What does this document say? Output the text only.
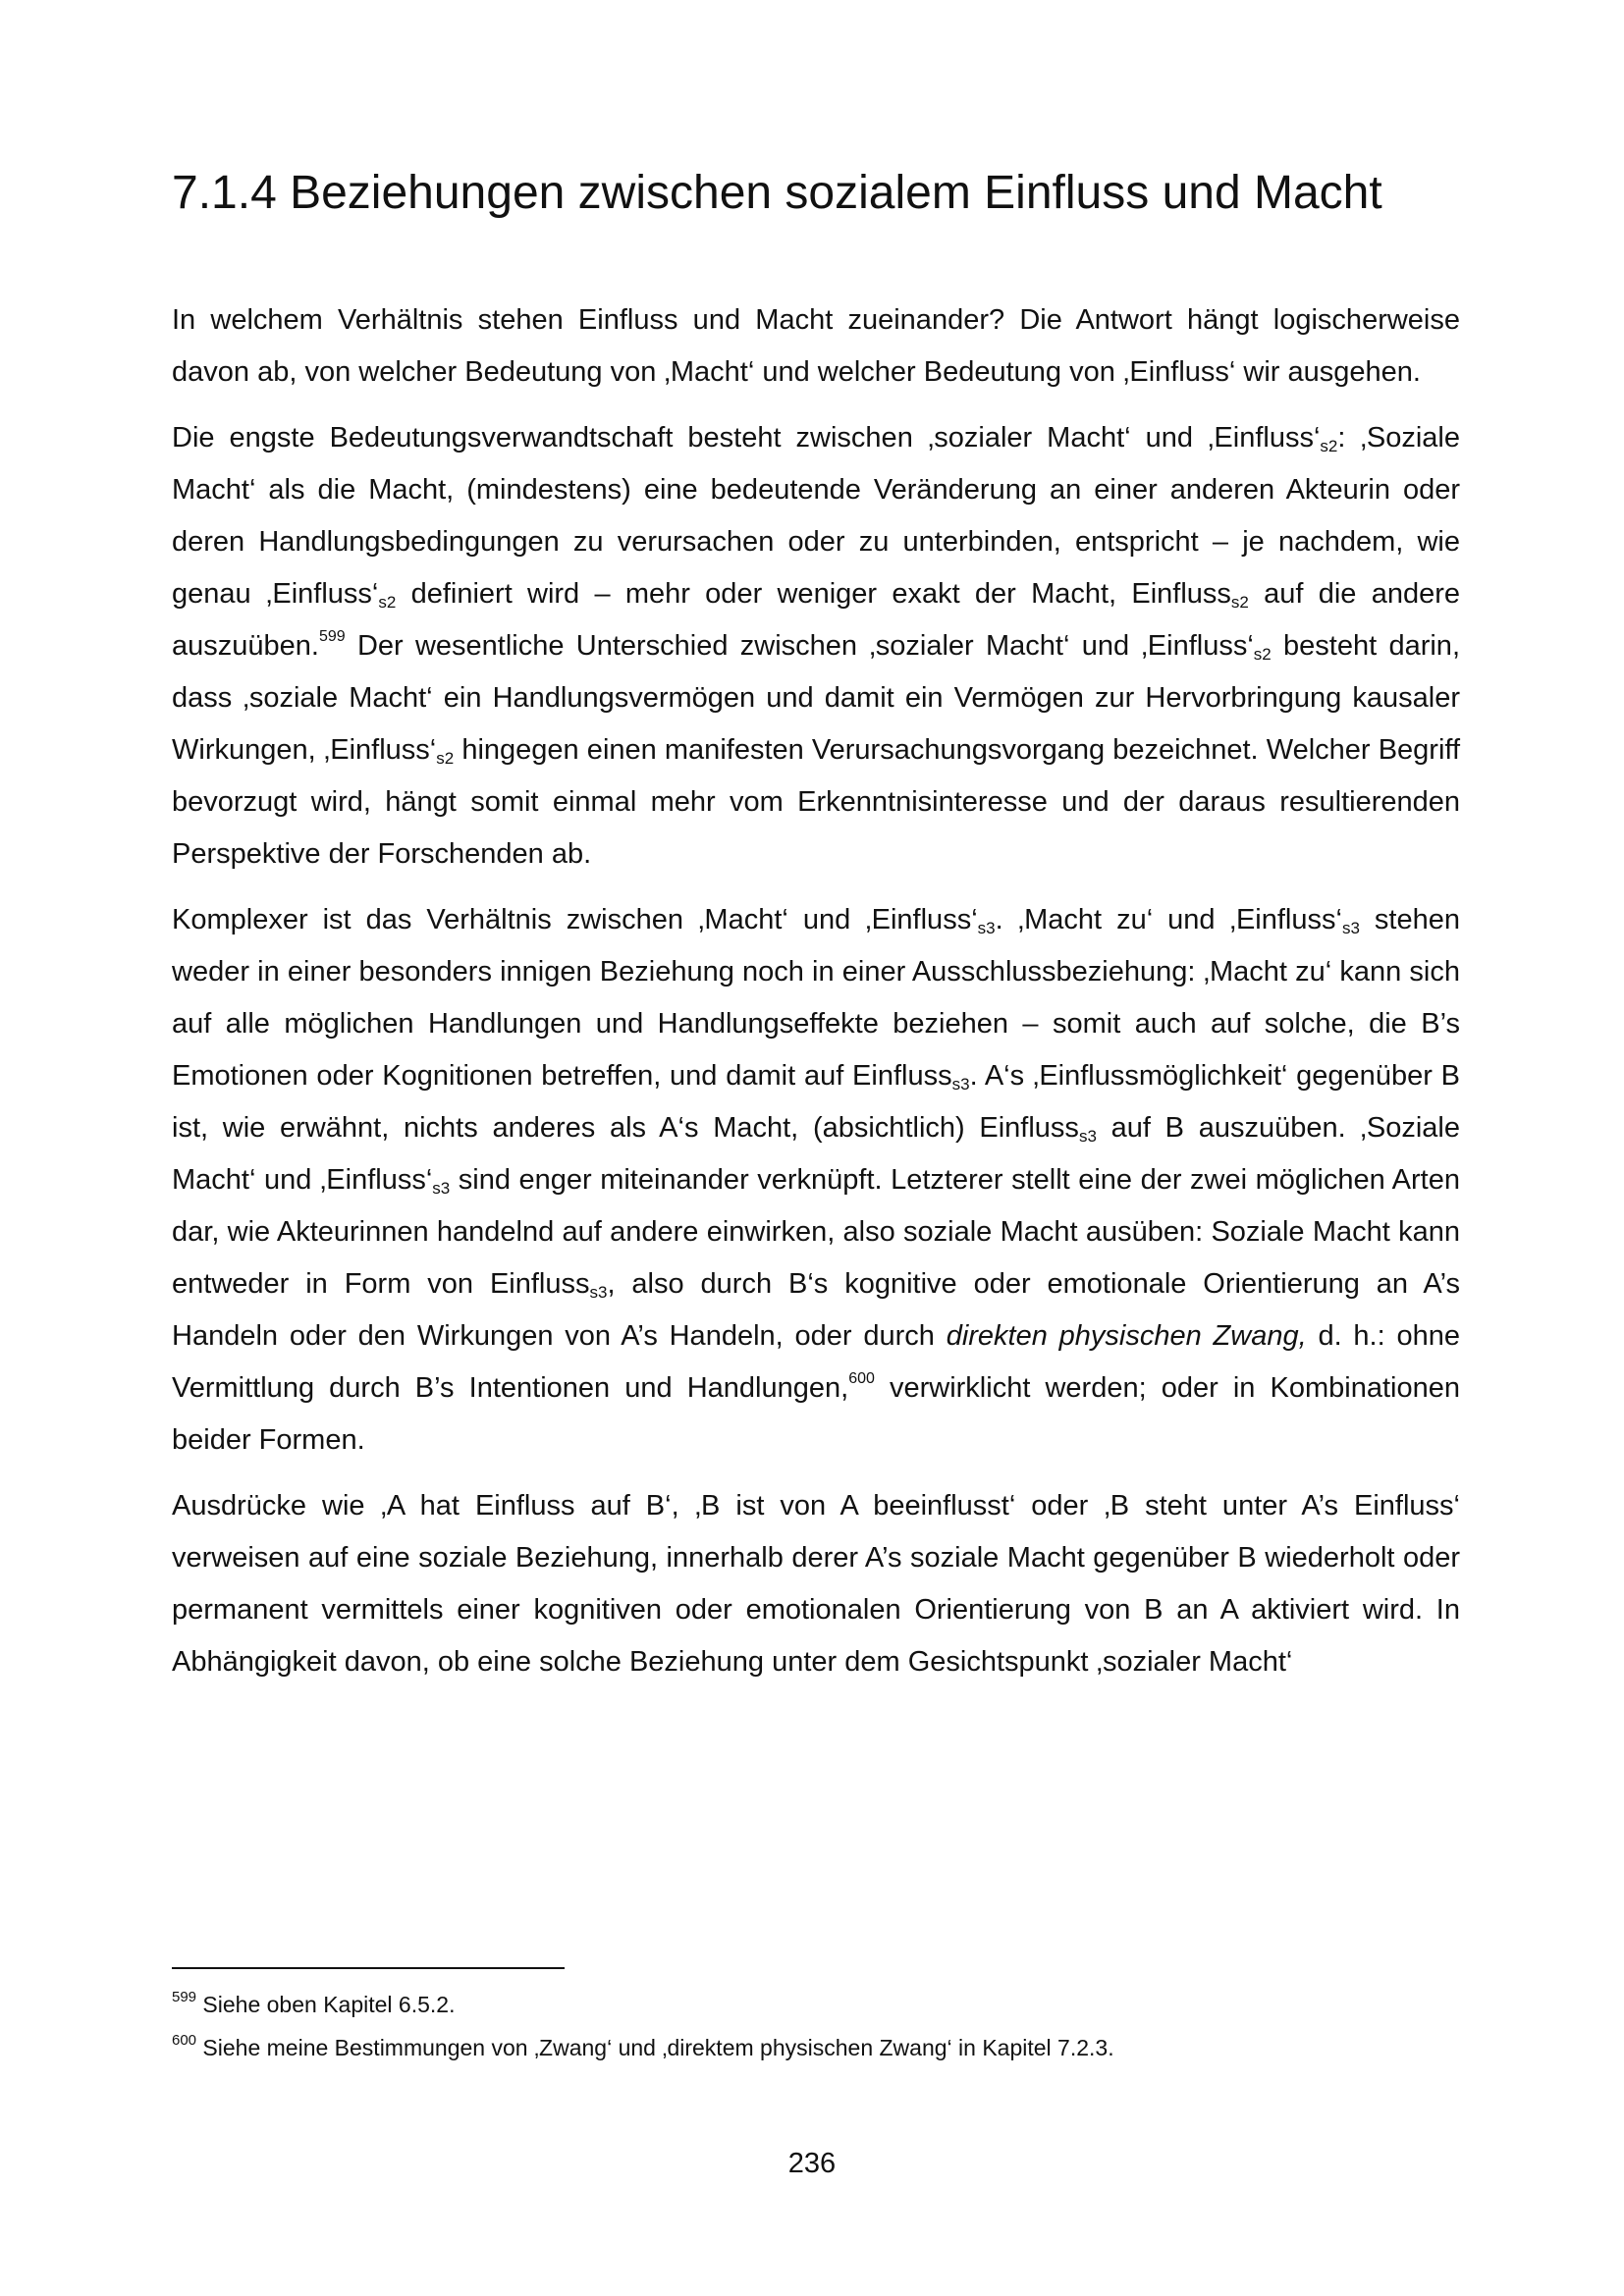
7.1.4 Beziehungen zwischen sozialem Einfluss und Macht

In welchem Verhältnis stehen Einfluss und Macht zueinander? Die Antwort hängt logischerweise davon ab, von welcher Bedeutung von ‚Macht‘ und welcher Bedeutung von ‚Einfluss‘ wir ausgehen.

Die engste Bedeutungsverwandtschaft besteht zwischen ‚sozialer Macht‘ und $‚Einfluss‘_{s2}$: ‚Soziale Macht‘ als die Macht, (mindestens) eine bedeutende Veränderung an einer anderen Akteurin oder deren Handlungsbedingungen zu verursachen oder zu unterbinden, entspricht – je nachdem, wie genau $‚Einfluss‘_{s2}$ definiert wird – mehr oder weniger exakt der Macht, Einfluss$_{s2}$ auf die andere auszuüben.$^{599}$ Der wesentliche Unterschied zwischen ‚sozialer Macht‘ und $‚Einfluss‘_{s2}$ besteht darin, dass ‚soziale Macht‘ ein Handlungsvermögen und damit ein Vermögen zur Hervorbringung kausaler Wirkungen, $‚Einfluss‘_{s2}$ hingegen einen manifesten Verursachungsvorgang bezeichnet. Welcher Begriff bevorzugt wird, hängt somit einmal mehr vom Erkenntnisinteresse und der daraus resultierenden Perspektive der Forschenden ab.

Komplexer ist das Verhältnis zwischen ‚Macht‘ und $‚Einfluss‘_{s3}$. ‚Macht zu‘ und $‚Einfluss‘_{s3}$ stehen weder in einer besonders innigen Beziehung noch in einer Ausschlussbeziehung: ‚Macht zu‘ kann sich auf alle möglichen Handlungen und Handlungseffekte beziehen – somit auch auf solche, die B’s Emotionen oder Kognitionen betreffen, und damit auf Einfluss$_{s3}$. A‘s ‚Einflussmöglichkeit‘ gegenüber B ist, wie erwähnt, nichts anderes als A‘s Macht, (absichtlich) Einfluss$_{s3}$ auf B auszuüben. ‚Soziale Macht‘ und $‚Einfluss‘_{s3}$ sind enger miteinander verknüpft. Letzterer stellt eine der zwei möglichen Arten dar, wie Akteurinnen handelnd auf andere einwirken, also soziale Macht ausüben: Soziale Macht kann entweder in Form von Einfluss$_{s3}$, also durch B‘s kognitive oder emotionale Orientierung an A’s Handeln oder den Wirkungen von A’s Handeln, oder durch direkten physischen Zwang, d. h.: ohne Vermittlung durch B’s Intentionen und Handlungen,$^{600}$ verwirklicht werden; oder in Kombinationen beider Formen.

Ausdrücke wie ‚A hat Einfluss auf B‘, ‚B ist von A beeinflusst‘ oder ‚B steht unter A’s Einfluss‘ verweisen auf eine soziale Beziehung, innerhalb derer A’s soziale Macht gegenüber B wiederholt oder permanent vermittels einer kognitiven oder emotionalen Orientierung von B an A aktiviert wird. In Abhängigkeit davon, ob eine solche Beziehung unter dem Gesichtspunkt ‚sozialer Macht‘

$^{599}$ Siehe oben Kapitel 6.5.2.

$^{600}$ Siehe meine Bestimmungen von ‚Zwang‘ und ‚direktem physischen Zwang‘ in Kapitel 7.2.3.

236
